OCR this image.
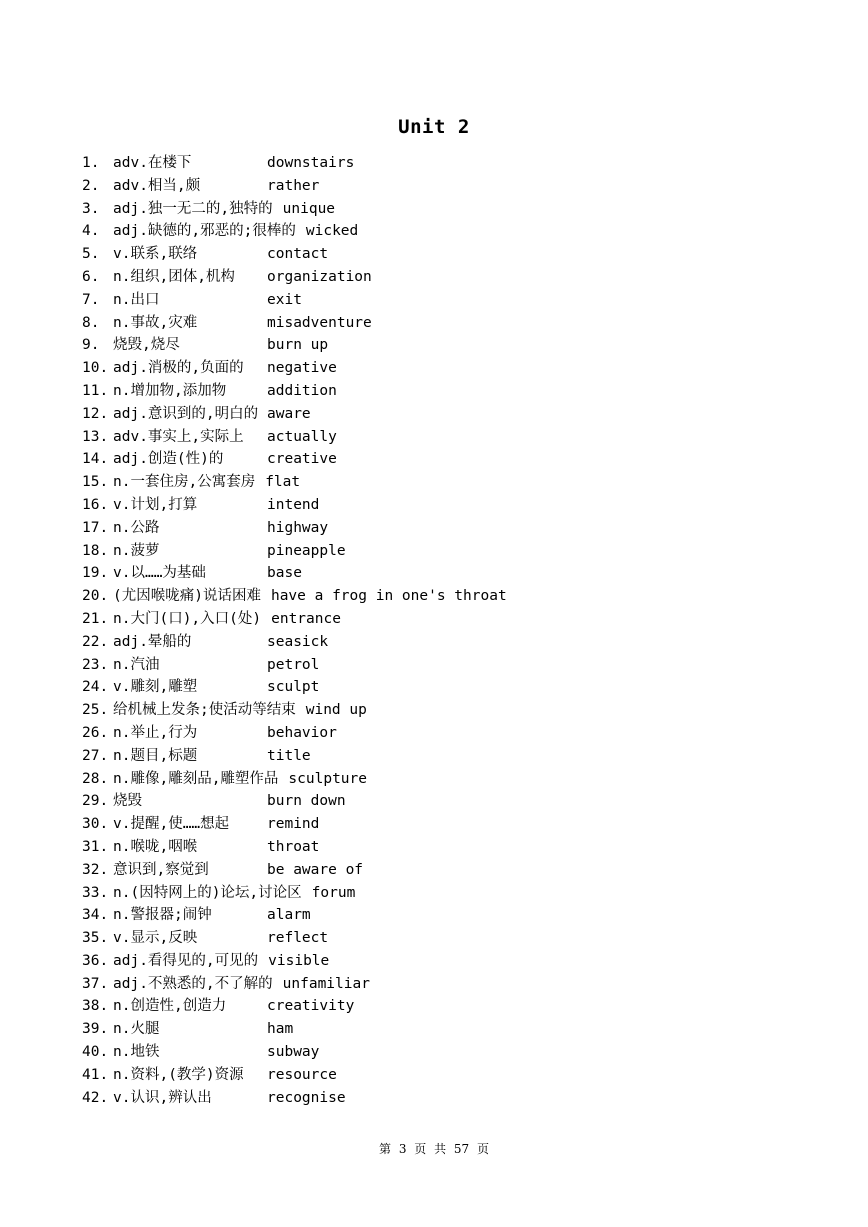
Unit 2
1. adv.在楼下	downstairs
2. adv.相当,颇	rather
3. adj.独一无二的,独特的 unique
4. adj.缺德的,邪恶的;很棒的 wicked
5. v.联系,联络	contact
6. n.组织,团体,机构 organization
7. n.出口	exit
8. n.事故,灾难	misadventure
9. 烧毁,烧尽	burn up
10. adj.消极的,负面的 negative
11. n.增加物,添加物	addition
12. adj.意识到的,明白的 aware
13. adv.事实上,实际上 actually
14. adj.创造(性)的	creative
15. n.一套住房,公寓套房 flat
16. v.计划,打算	intend
17. n.公路	highway
18. n.菠萝	pineapple
19. v.以……为基础	base
20. (尤因喉咙痛)说话困难 have a frog in one's throat
21. n.大门(口),入口(处) entrance
22. adj.晕船的	seasick
23. n.汽油	petrol
24. v.雕刻,雕塑	sculpt
25. 给机械上发条;使活动等结束 wind up
26. n.举止,行为	behavior
27. n.题目,标题	title
28. n.雕像,雕刻品,雕塑作品 sculpture
29. 烧毁	burn down
30. v.提醒,使……想起	remind
31. n.喉咙,咽喉	throat
32. 意识到,察觉到	be aware of
33. n.(因特网上的)论坛,讨论区 forum
34. n.警报器;闹钟	alarm
35. v.显示,反映	reflect
36. adj.看得见的,可见的 visible
37. adj.不熟悉的,不了解的 unfamiliar
38. n.创造性,创造力	creativity
39. n.火腿	ham
40. n.地铁	subway
41. n.资料,(教学)资源 resource
42. v.认识,辨认出	recognise
第 3 页 共 57 页
